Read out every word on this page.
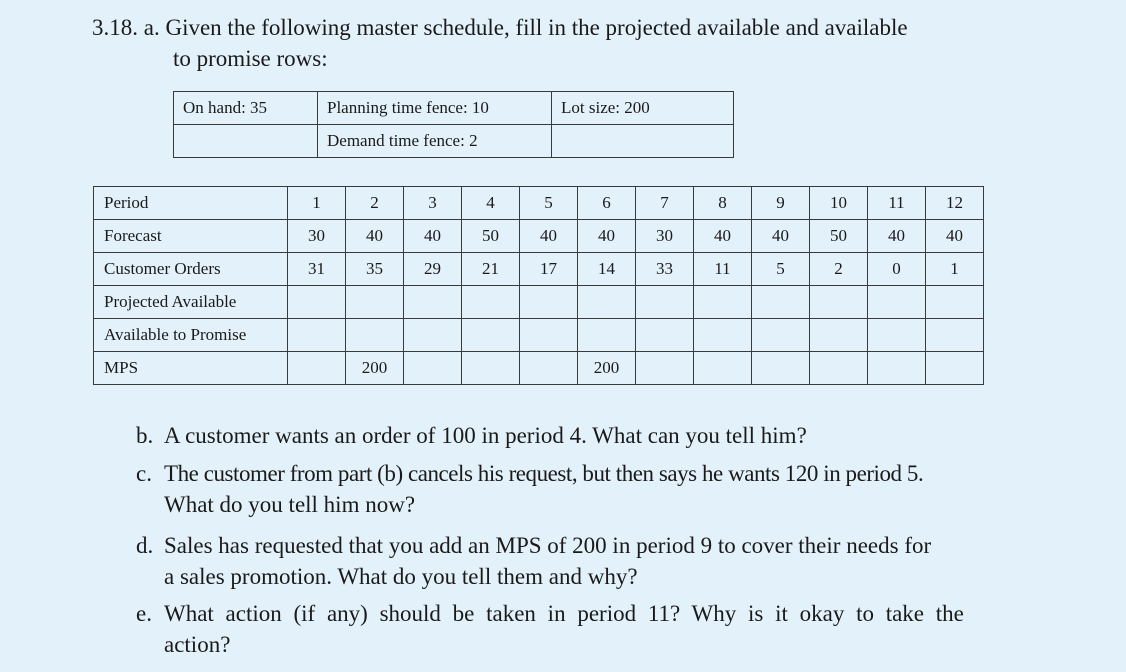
3.18. a. Given the following master schedule, fill in the projected available and available
to promise rows:
On hand: 35	Planning time fence: 10	Lot size: 200
	Demand time fence: 2	
Period	1	2	3	4	5	6	7	8	9	10	11	12
Forecast	30	40	40	50	40	40	30	40	40	50	40	40
Customer Orders	31	35	29	21	17	14	33	11	5	2	0	1
Projected Available												
Available to Promise												
MPS		200				200						
b. A customer wants an order of 100 in period 4. What can you tell him?
c. The customer from part (b) cancels his request, but then says he wants 120 in period 5.
What do you tell him now?
d. Sales has requested that you add an MPS of 200 in period 9 to cover their needs for
a sales promotion. What do you tell them and why?
e. What action (if any) should be taken in period 11? Why is it okay to take the
action?
